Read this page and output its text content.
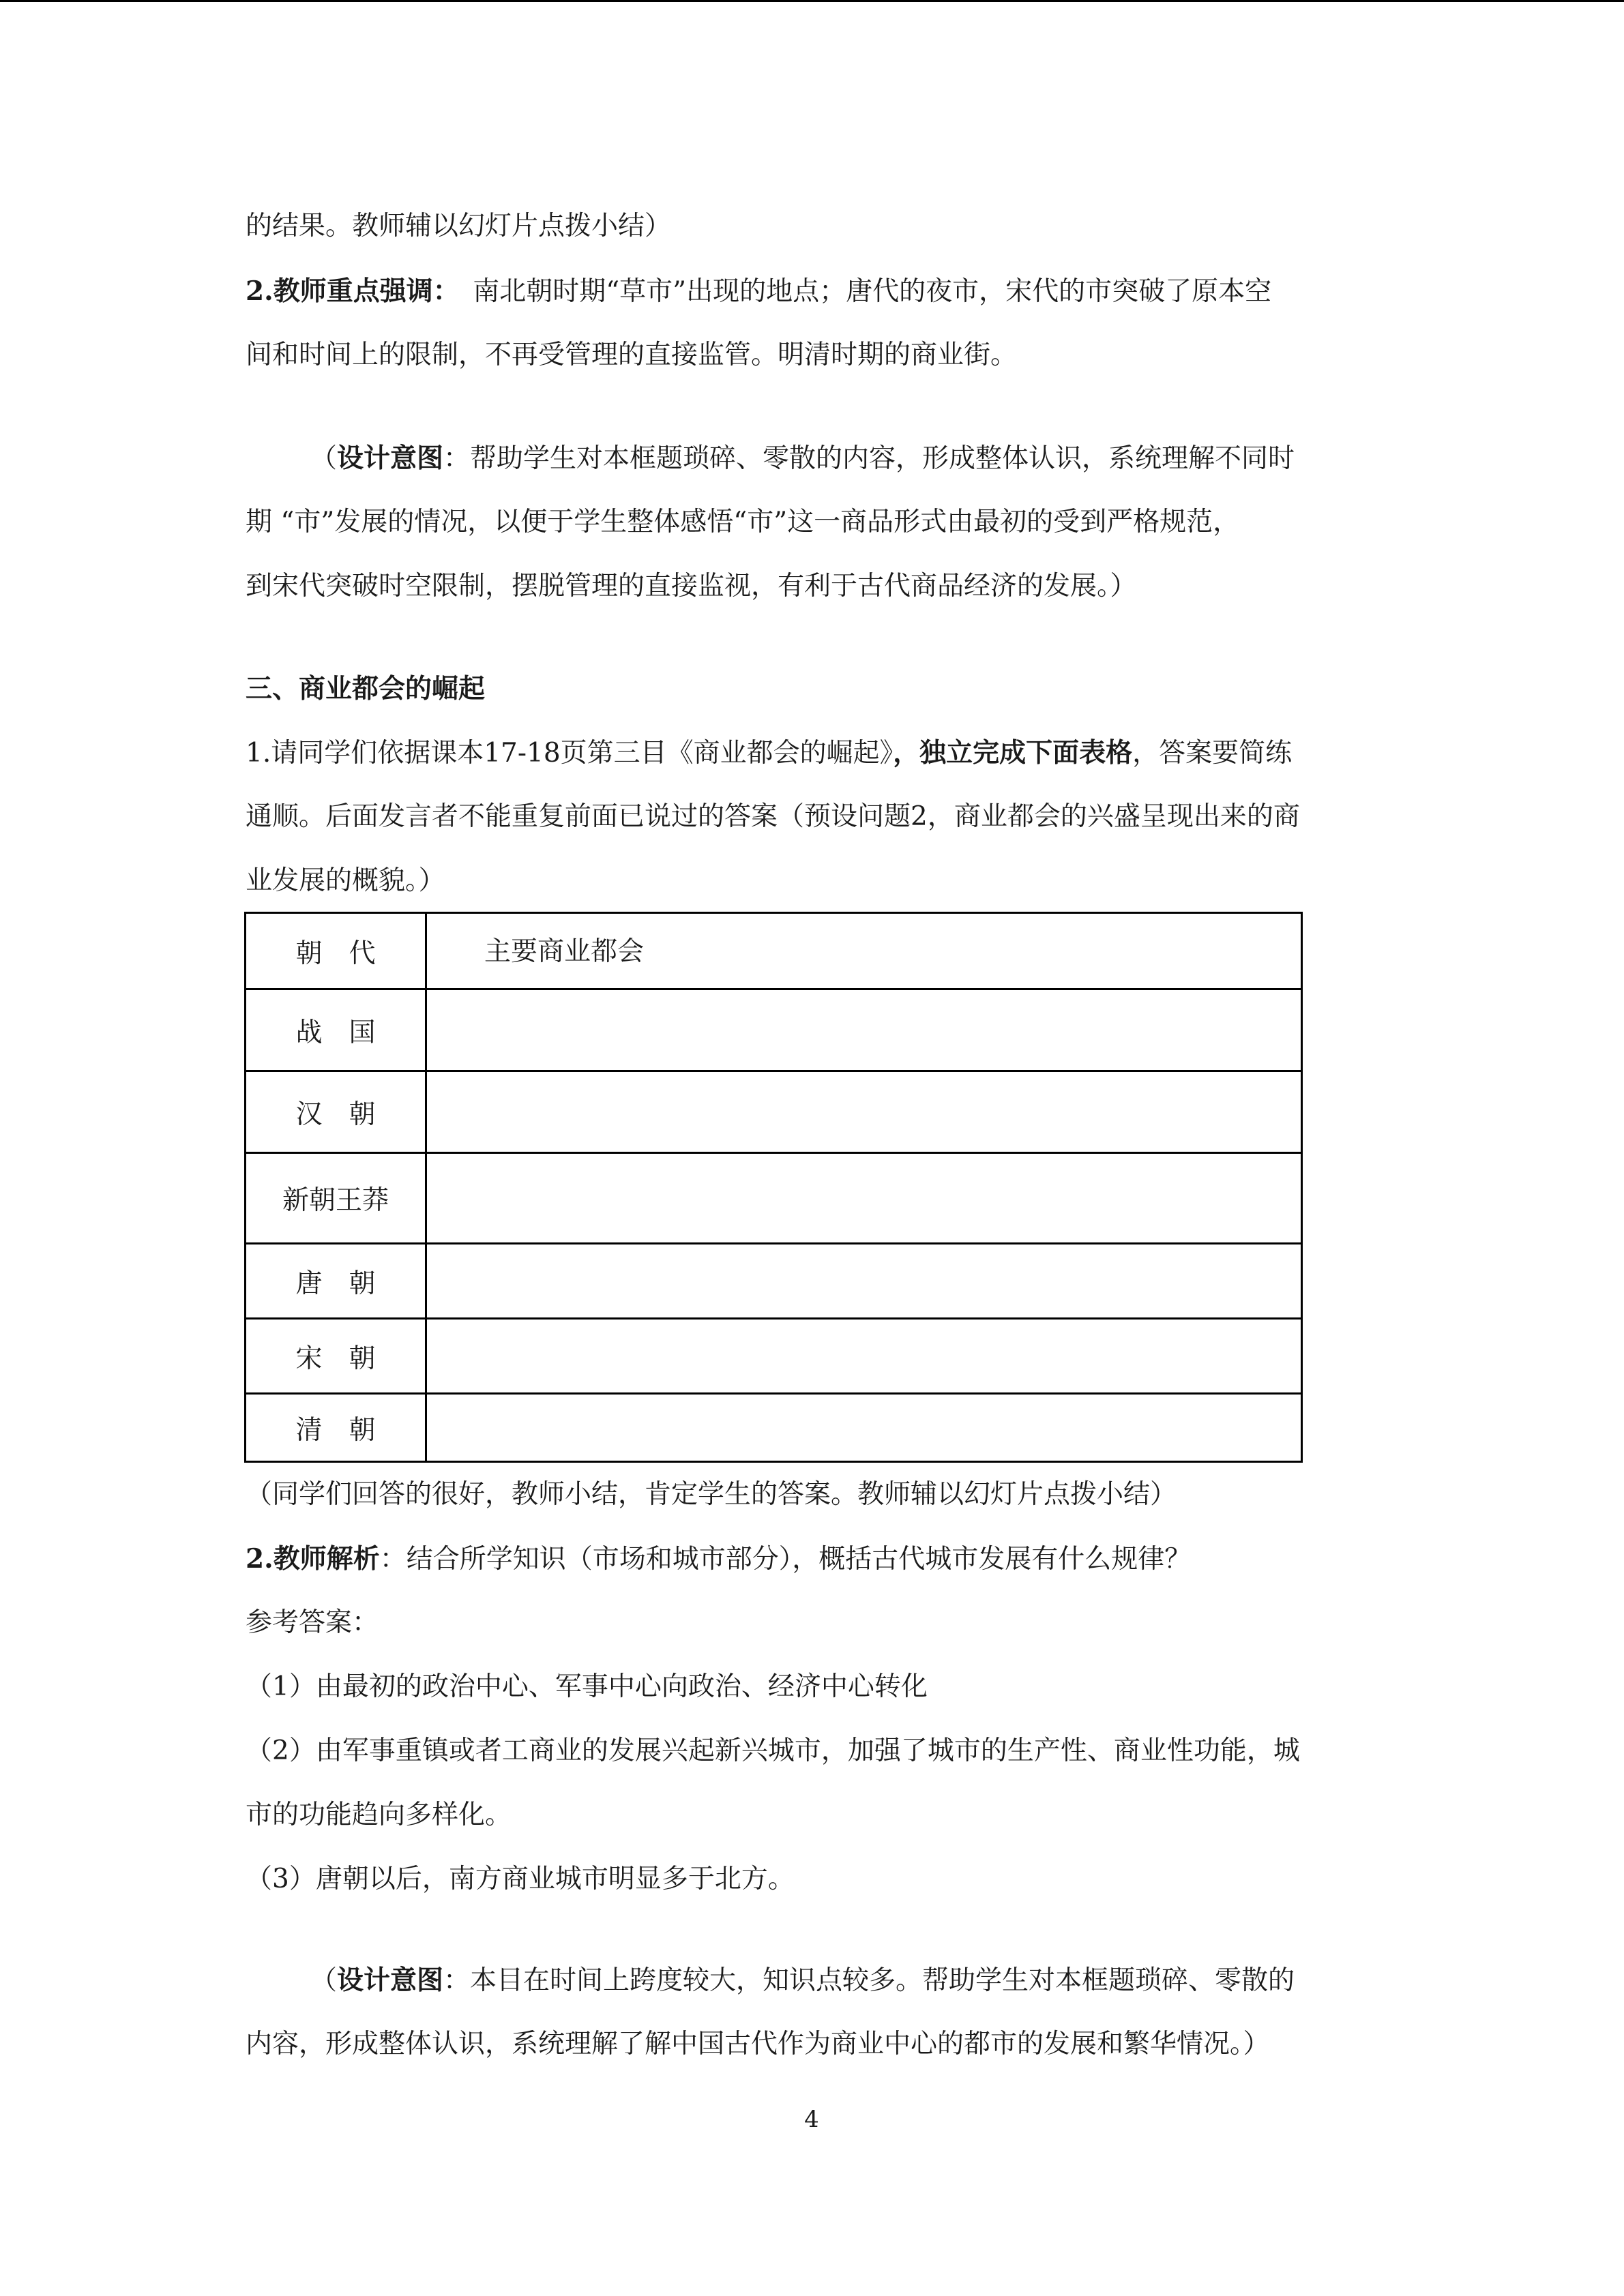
的结果。教师辅以幻灯片点拨小结）

2.教师重点强调：　南北朝时期“草市”出现的地点；唐代的夜市，宋代的市突破了原本空

间和时间上的限制，不再受管理的直接监管。明清时期的商业街。

（设计意图：帮助学生对本框题琐碎、零散的内容，形成整体认识，系统理解不同时

期 “市”发展的情况，以便于学生整体感悟“市”这一商品形式由最初的受到严格规范，

到宋代突破时空限制，摆脱管理的直接监视，有利于古代商品经济的发展。）

三、商业都会的崛起

1.请同学们依据课本17-18页第三目《商业都会的崛起》，独立完成下面表格，答案要简练

通顺。后面发言者不能重复前面已说过的答案（预设问题2，商业都会的兴盛呈现出来的商

业发展的概貌。）

朝　代	主要商业都会
战　国	
汉　朝	
新朝王莽	
唐　朝	
宋　朝	
清　朝	

（同学们回答的很好，教师小结，肯定学生的答案。教师辅以幻灯片点拨小结）

2.教师解析：结合所学知识（市场和城市部分），概括古代城市发展有什么规律？

参考答案：

（1）由最初的政治中心、军事中心向政治、经济中心转化

（2）由军事重镇或者工商业的发展兴起新兴城市，加强了城市的生产性、商业性功能，城

市的功能趋向多样化。

（3）唐朝以后，南方商业城市明显多于北方。

（设计意图：本目在时间上跨度较大，知识点较多。帮助学生对本框题琐碎、零散的

内容，形成整体认识，系统理解了解中国古代作为商业中心的都市的发展和繁华情况。）

4
